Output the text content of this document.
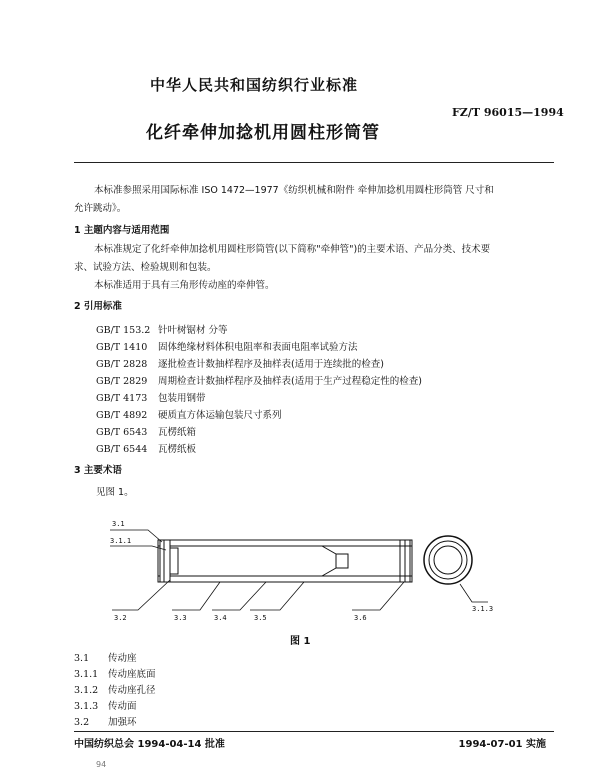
中华人民共和国纺织行业标准
FZ/T 96015—1994
化纤牵伸加捻机用圆柱形筒管
本标准参照采用国际标准 ISO 1472—1977《纺织机械和附件 牵伸加捻机用圆柱形筒管 尺寸和
允许跳动》。
1 主题内容与适用范围
本标准规定了化纤牵伸加捻机用圆柱形筒管(以下简称"牵伸管")的主要术语、产品分类、技术要
求、试验方法、检验规则和包装。
本标准适用于具有三角形传动座的牵伸管。
2 引用标准
GB/T 153.2 针叶树锯材 分等
GB/T 1410 固体绝缘材料体积电阻率和表面电阻率试验方法
GB/T 2828 逐批检查计数抽样程序及抽样表(适用于连续批的检查)
GB/T 2829 周期检查计数抽样程序及抽样表(适用于生产过程稳定性的检查)
GB/T 4173 包装用钢带
GB/T 4892 硬质直方体运输包装尺寸系列
GB/T 6543 瓦楞纸箱
GB/T 6544 瓦楞纸板
3 主要术语
见图 1。
3.1
3.1.1
3.2	3.3	3.4	3.5	3.6
3.1.3
图 1
3.1 传动座
3.1.1 传动座底面
3.1.2 传动座孔径
3.1.3 传动面
3.2 加强环
中国纺织总会 1994-04-14 批准	1994-07-01 实施
94
